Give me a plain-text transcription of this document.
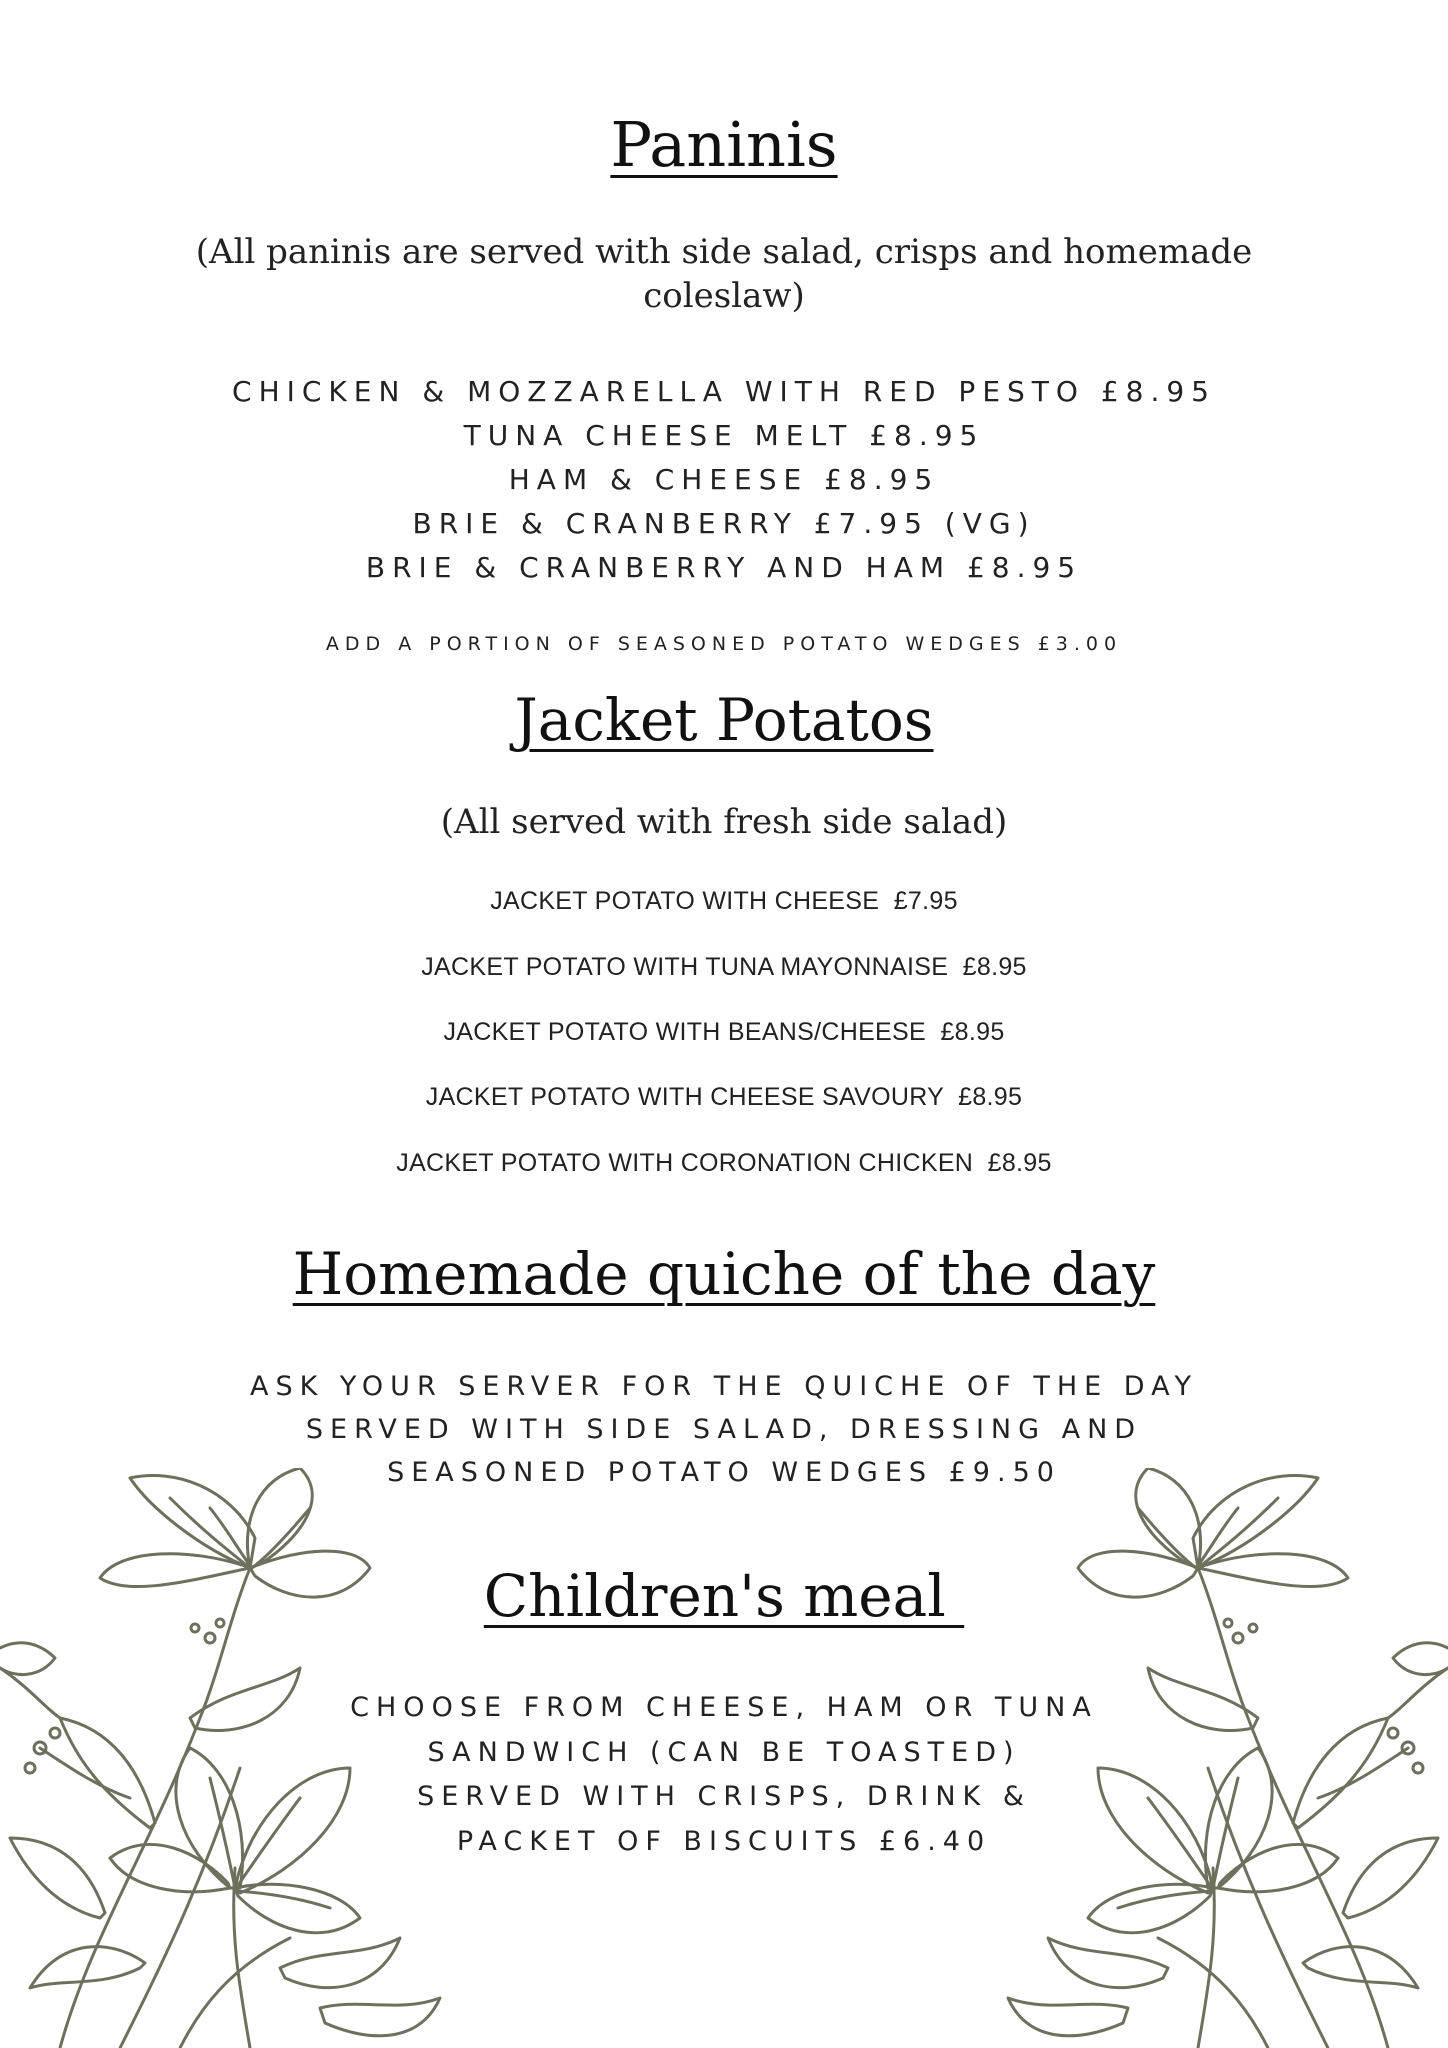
Paninis
(All paninis are served with side salad, crisps and homemade coleslaw)
CHICKEN & MOZZARELLA WITH RED PESTO £8.95
TUNA CHEESE MELT £8.95
HAM & CHEESE £8.95
BRIE & CRANBERRY £7.95 (VG)
BRIE & CRANBERRY AND HAM £8.95
ADD A PORTION OF SEASONED POTATO WEDGES £3.00
Jacket Potatos
(All served with fresh side salad)
JACKET POTATO WITH CHEESE  £7.95
JACKET POTATO WITH TUNA MAYONNAISE  £8.95
JACKET POTATO WITH BEANS/CHEESE  £8.95
JACKET POTATO WITH CHEESE SAVOURY  £8.95
JACKET POTATO WITH CORONATION CHICKEN  £8.95
Homemade quiche of the day
ASK YOUR SERVER FOR THE QUICHE OF THE DAY
SERVED WITH SIDE SALAD, DRESSING AND
SEASONED POTATO WEDGES £9.50
Children's meal
CHOOSE FROM CHEESE, HAM OR TUNA
SANDWICH (CAN BE TOASTED)
SERVED WITH CRISPS, DRINK &
PACKET OF BISCUITS £6.40
